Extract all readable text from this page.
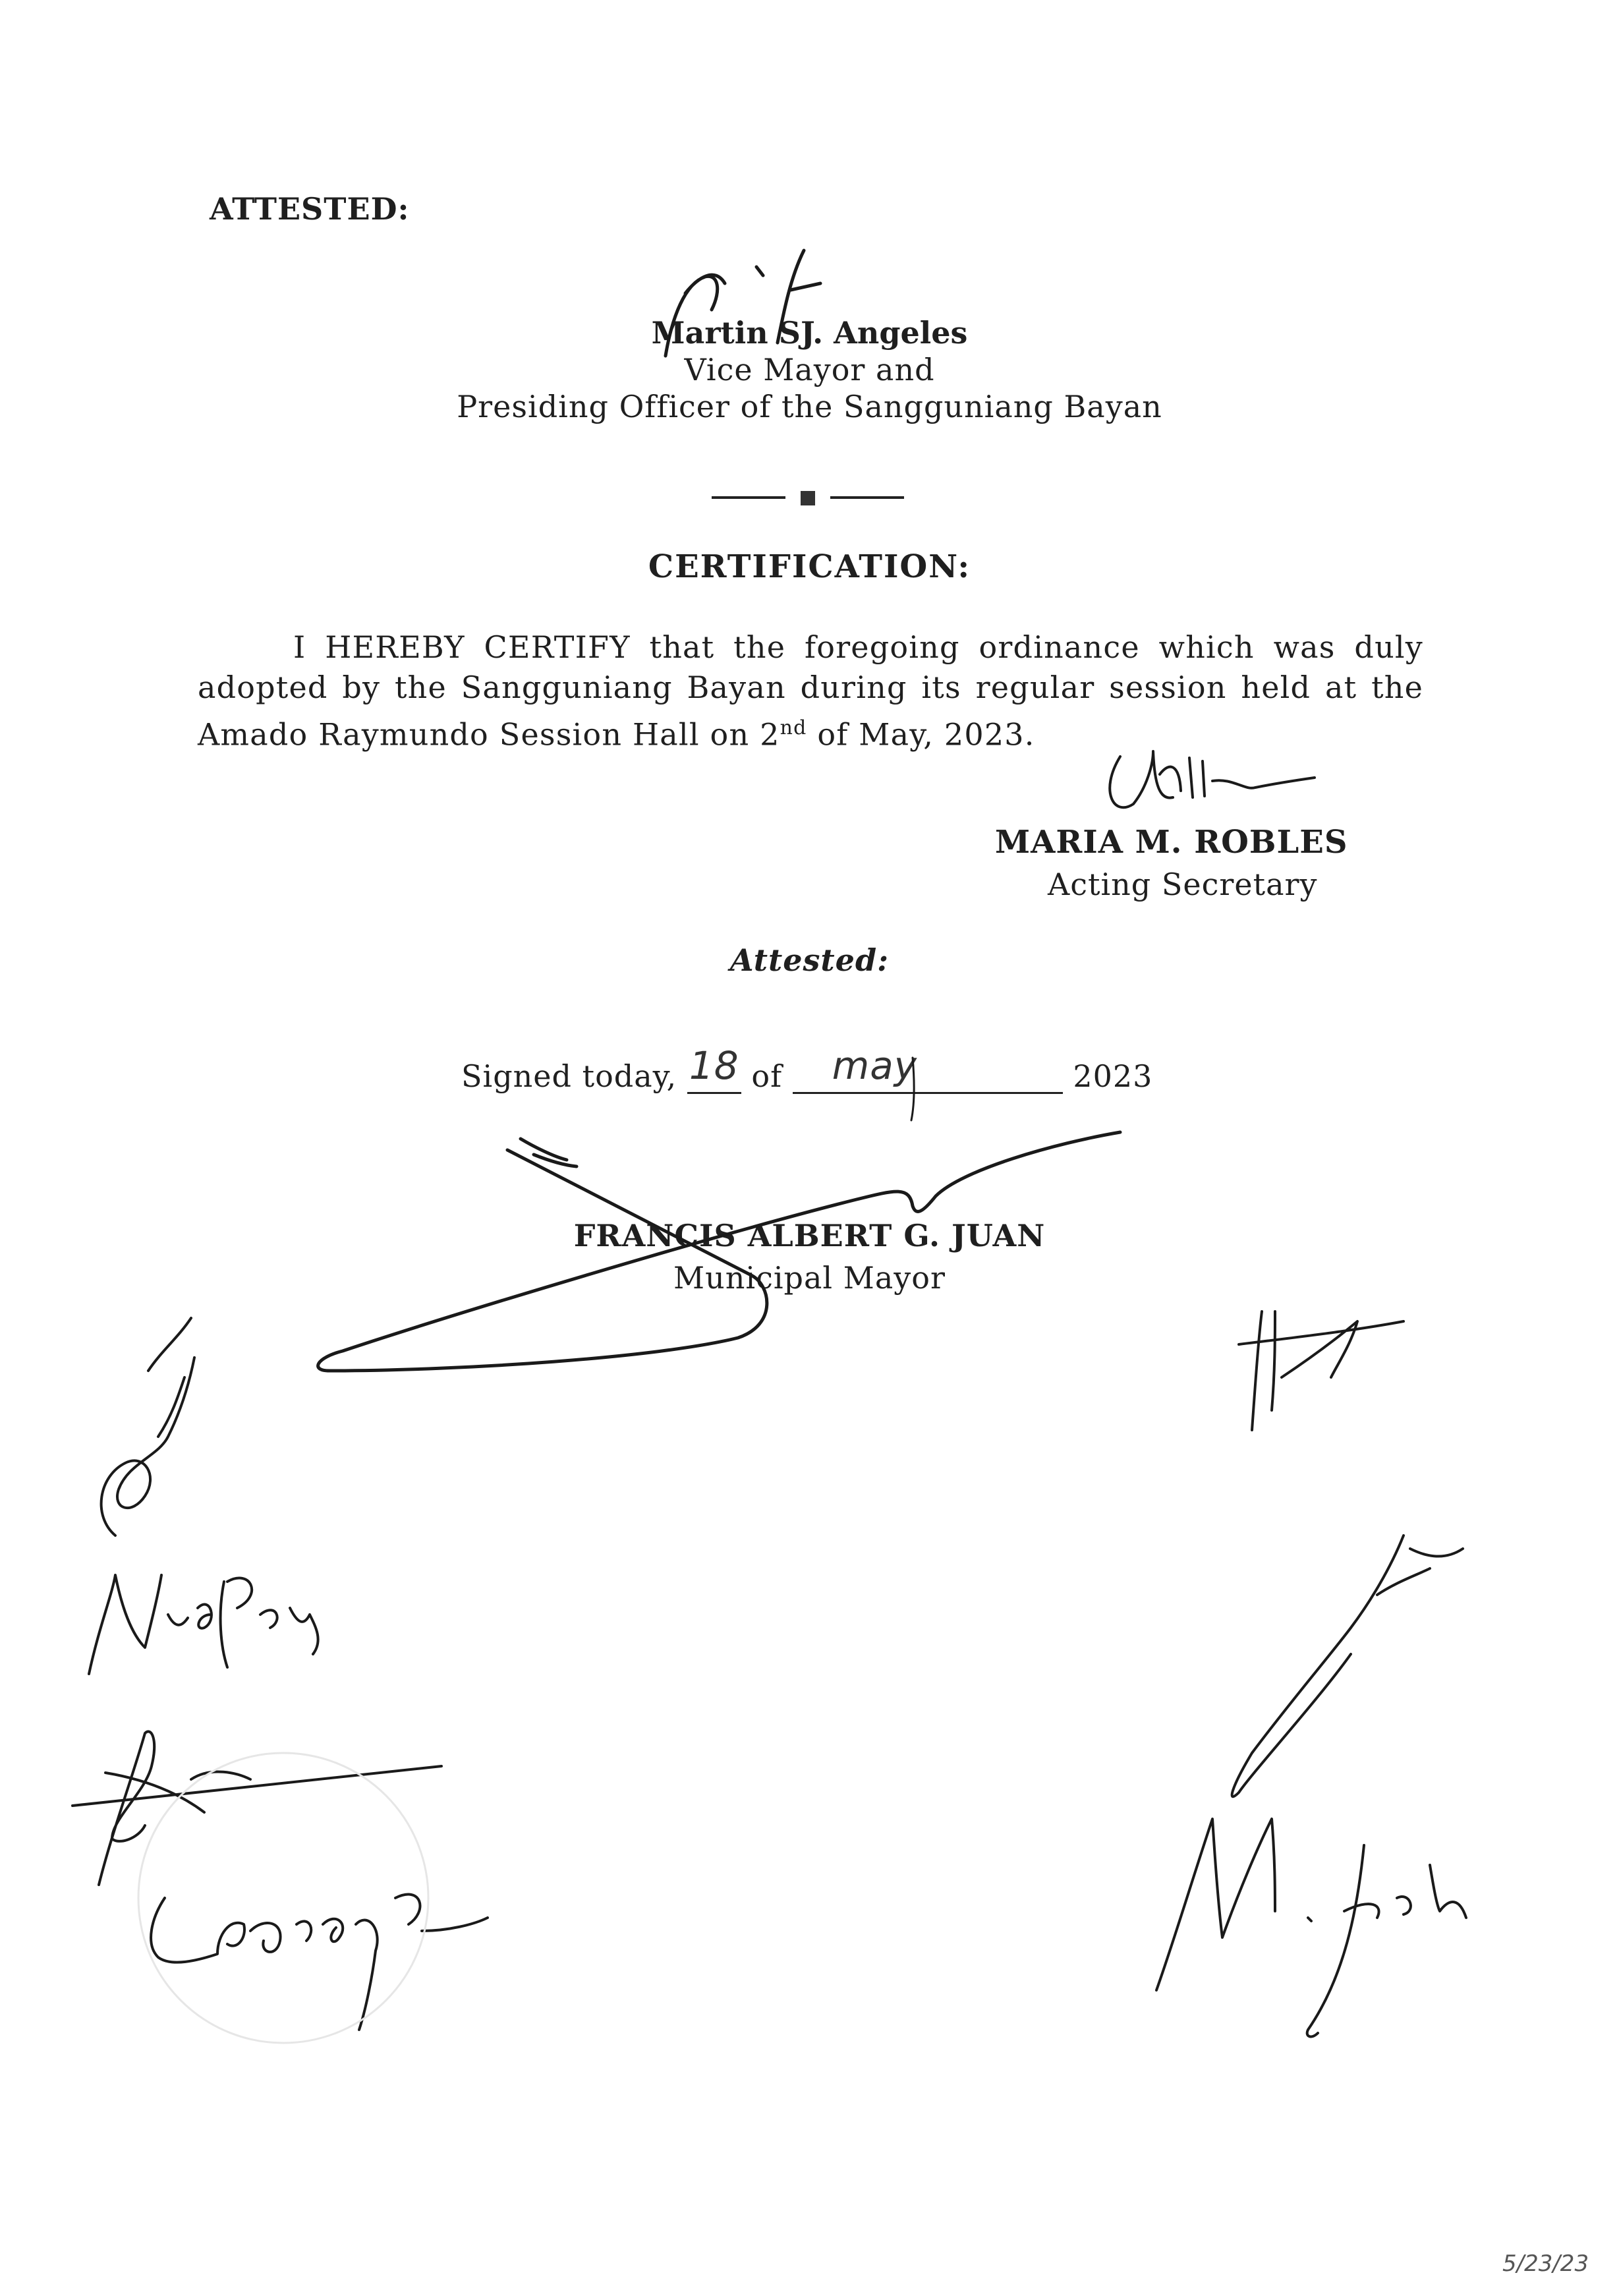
ATTESTED:
Martin SJ. Angeles
Vice Mayor and
Presiding Officer of the Sangguniang Bayan
CERTIFICATION:
I HEREBY CERTIFY that the foregoing ordinance which was duly adopted by the Sangguniang Bayan during its regular session held at the Amado Raymundo Session Hall on 2nd of May, 2023.
MARIA M. ROBLES
Acting Secretary
Attested:
Signed today, 18 of	may	2023
FRANCIS ALBERT G. JUAN
Municipal Mayor
5/23/23
